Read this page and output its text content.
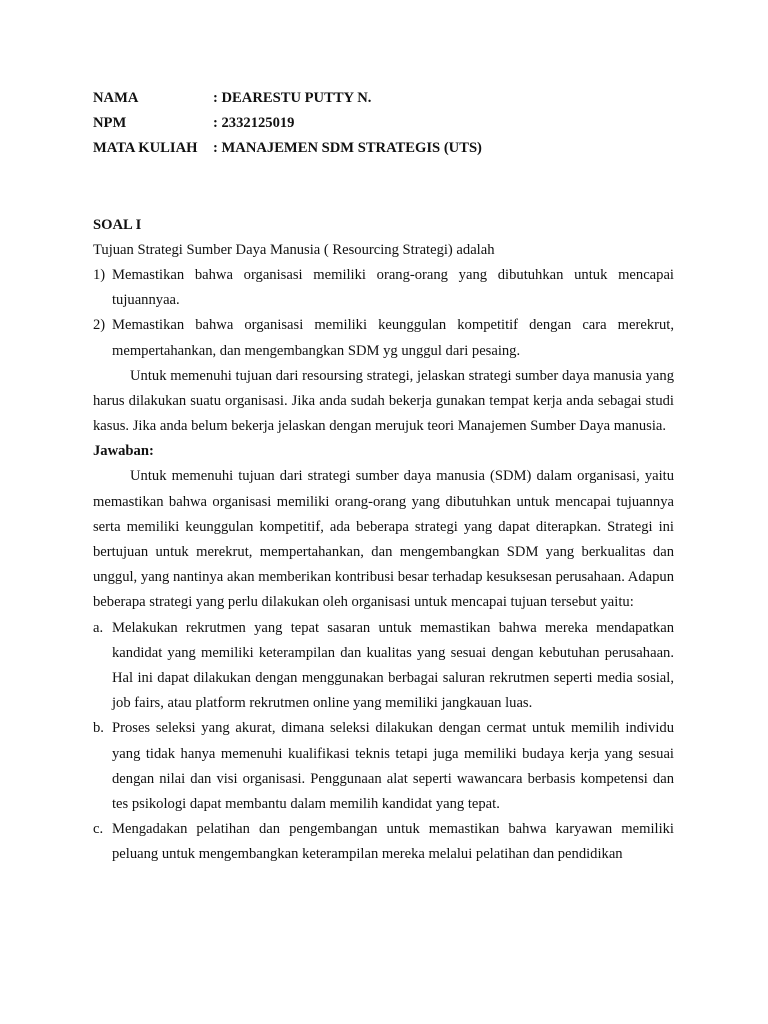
NAMA	: DEARESTU PUTTY N.
NPM	: 2332125019
MATA KULIAH : MANAJEMEN SDM STRATEGIS (UTS)
SOAL I
Tujuan Strategi Sumber Daya Manusia ( Resourcing Strategi) adalah
1) Memastikan bahwa organisasi memiliki orang-orang yang dibutuhkan untuk mencapai tujuannyaa.
2) Memastikan bahwa organisasi memiliki keunggulan kompetitif dengan cara merekrut, mempertahankan, dan mengembangkan SDM yg unggul dari pesaing.
Untuk memenuhi tujuan dari resoursing strategi, jelaskan strategi sumber daya manusia yang harus dilakukan suatu organisasi. Jika anda sudah bekerja gunakan tempat kerja anda sebagai studi kasus. Jika anda belum bekerja jelaskan dengan merujuk teori Manajemen Sumber Daya manusia.
Jawaban:
Untuk memenuhi tujuan dari strategi sumber daya manusia (SDM) dalam organisasi, yaitu memastikan bahwa organisasi memiliki orang-orang yang dibutuhkan untuk mencapai tujuannya serta memiliki keunggulan kompetitif, ada beberapa strategi yang dapat diterapkan. Strategi ini bertujuan untuk merekrut, mempertahankan, dan mengembangkan SDM yang berkualitas dan unggul, yang nantinya akan memberikan kontribusi besar terhadap kesuksesan perusahaan. Adapun beberapa strategi yang perlu dilakukan oleh organisasi untuk mencapai tujuan tersebut yaitu:
a. Melakukan rekrutmen yang tepat sasaran untuk memastikan bahwa mereka mendapatkan kandidat yang memiliki keterampilan dan kualitas yang sesuai dengan kebutuhan perusahaan. Hal ini dapat dilakukan dengan menggunakan berbagai saluran rekrutmen seperti media sosial, job fairs, atau platform rekrutmen online yang memiliki jangkauan luas.
b. Proses seleksi yang akurat, dimana seleksi dilakukan dengan cermat untuk memilih individu yang tidak hanya memenuhi kualifikasi teknis tetapi juga memiliki budaya kerja yang sesuai dengan nilai dan visi organisasi. Penggunaan alat seperti wawancara berbasis kompetensi dan tes psikologi dapat membantu dalam memilih kandidat yang tepat.
c. Mengadakan pelatihan dan pengembangan untuk memastikan bahwa karyawan memiliki peluang untuk mengembangkan keterampilan mereka melalui pelatihan dan pendidikan
